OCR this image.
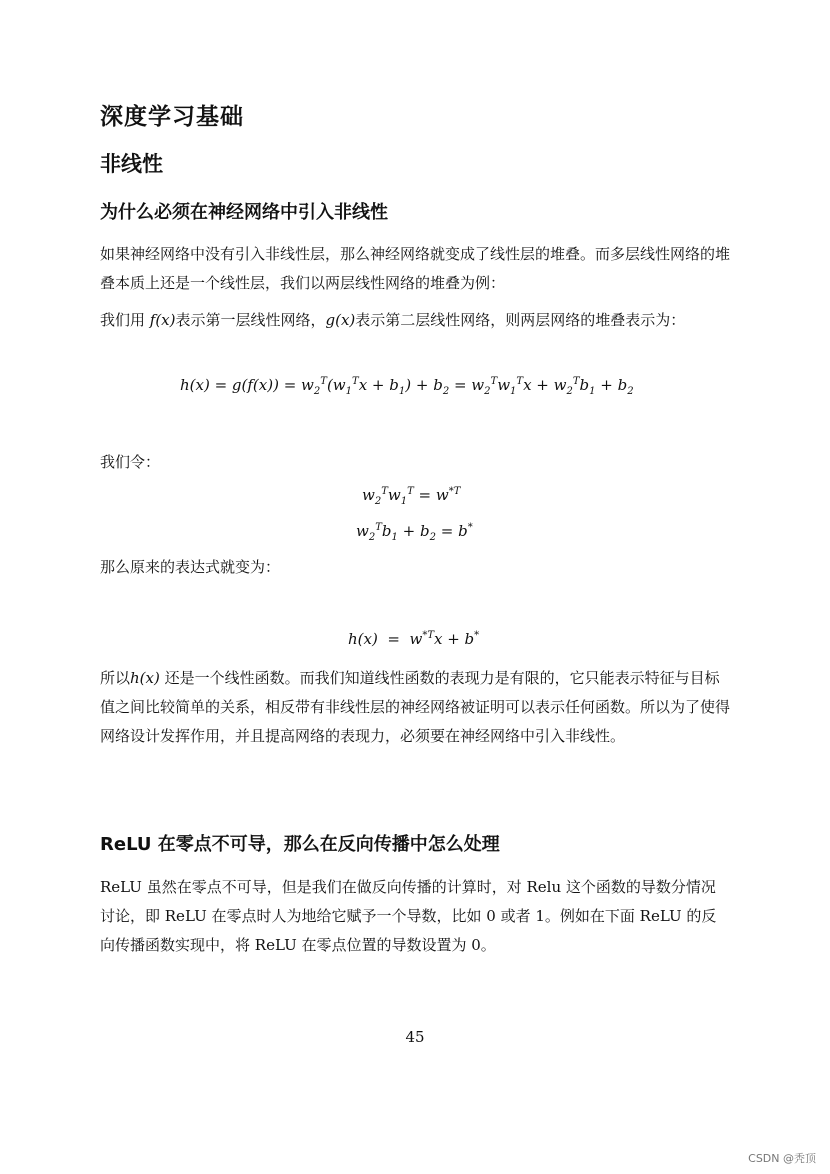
深度学习基础
非线性
为什么必须在神经网络中引入非线性

如果神经网络中没有引入非线性层，那么神经网络就变成了线性层的堆叠。而多层线性网络的堆叠本质上还是一个线性层，我们以两层线性网络的堆叠为例：

我们用 f(x)表示第一层线性网络，g(x)表示第二层线性网络，则两层网络的堆叠表示为：

$h(x) = g(f(x)) = w_2^T(w_1^Tx + b_1) + b_2 = w_2^Tw_1^Tx + w_2^Tb_1 + b_2$

我们令：

$w_2^Tw_1^T = w^{*T}$
$w_2^Tb_1 + b_2 = b^*$

那么原来的表达式就变为：

$h(x) = w^{*T}x + b^*$

所以h(x) 还是一个线性函数。而我们知道线性函数的表现力是有限的，它只能表示特征与目标值之间比较简单的关系，相反带有非线性层的神经网络被证明可以表示任何函数。所以为了使得网络设计发挥作用，并且提高网络的表现力，必须要在神经网络中引入非线性。

ReLU 在零点不可导，那么在反向传播中怎么处理

ReLU 虽然在零点不可导，但是我们在做反向传播的计算时，对 Relu 这个函数的导数分情况讨论，即 ReLU 在零点时人为地给它赋予一个导数，比如 0 或者 1。例如在下面 ReLU 的反向传播函数实现中，将 ReLU 在零点位置的导数设置为 0。

45
CSDN @秃顶
